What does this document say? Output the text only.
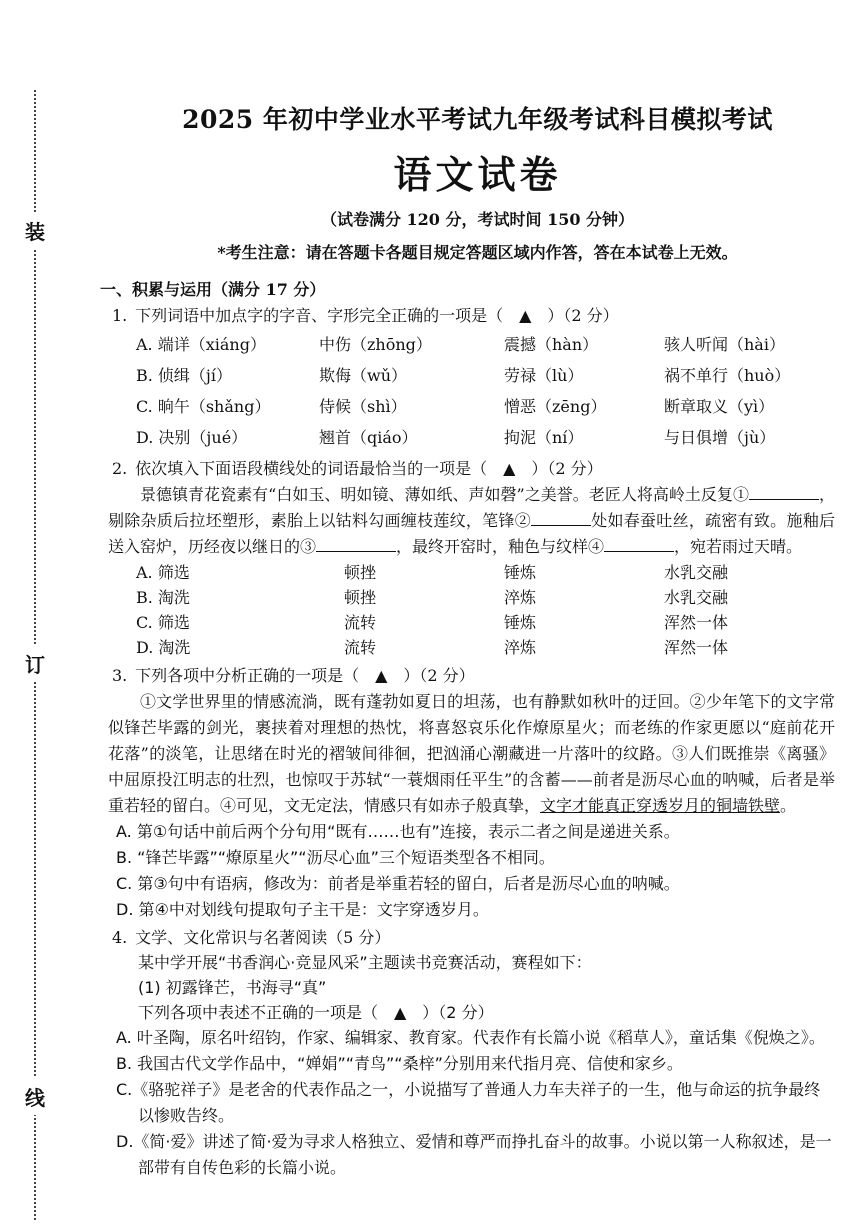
装
订
线
2025 年初中学业水平考试九年级考试科目模拟考试
语文试卷
（试卷满分 120 分，考试时间 150 分钟）
*考生注意：请在答题卡各题目规定答题区域内作答，答在本试卷上无效。
一、积累与运用（满分 17 分）
1. 下列词语中加点字的字音、字形完全正确的一项是（　▲　）（2 分）
A. 端详（xiáng）	中伤（zhōng）	震撼（hàn）	骇人听闻（hài）
B. 侦缉（jí）	欺侮（wǔ）	劳禄（lù）	祸不单行（huò）
C. 晌午（shǎng）	侍候（shì）	憎恶（zēng）	断章取义（yì）
D. 决别（jué）	翘首（qiáo）	拘泥（ní）	与日俱增（jù）
2. 依次填入下面语段横线处的词语最恰当的一项是（　▲　）（2 分）
景德镇青花瓷素有“白如玉、明如镜、薄如纸、声如磬”之美誉。老匠人将高岭土反复①	，剔除杂质后拉坯塑形，素胎上以钴料勾画缠枝莲纹，笔锋②	处如春蚕吐丝，疏密有致。施釉后送入窑炉，历经夜以继日的③	，最终开窑时，釉色与纹样④	，宛若雨过天晴。
A. 筛选	顿挫	锤炼	水乳交融
B. 淘洗	顿挫	淬炼	水乳交融
C. 筛选	流转	锤炼	浑然一体
D. 淘洗	流转	淬炼	浑然一体
3. 下列各项中分析正确的一项是（　▲　）（2 分）
①文学世界里的情感流淌，既有蓬勃如夏日的坦荡，也有静默如秋叶的迂回。②少年笔下的文字常似锋芒毕露的剑光，裹挟着对理想的热忱，将喜怒哀乐化作燎原星火；而老练的作家更愿以“庭前花开花落”的淡笔，让思绪在时光的褶皱间徘徊，把汹涌心潮藏进一片落叶的纹路。③人们既推崇《离骚》中屈原投江明志的壮烈，也惊叹于苏轼“一蓑烟雨任平生”的含蓄——前者是沥尽心血的呐喊，后者是举重若轻的留白。④可见，文无定法，情感只有如赤子般真挚，文字才能真正穿透岁月的铜墙铁壁。
A. 第①句话中前后两个分句用“既有……也有”连接，表示二者之间是递进关系。
B. “锋芒毕露”“燎原星火”“沥尽心血”三个短语类型各不相同。
C. 第③句中有语病，修改为：前者是举重若轻的留白，后者是沥尽心血的呐喊。
D. 第④中对划线句提取句子主干是：文字穿透岁月。
4. 文学、文化常识与名著阅读（5 分）
某中学开展“书香润心·竞显风采”主题读书竞赛活动，赛程如下：
(1) 初露锋芒，书海寻“真”
下列各项中表述不正确的一项是（　▲　）（2 分）
A. 叶圣陶，原名叶绍钧，作家、编辑家、教育家。代表作有长篇小说《稻草人》，童话集《倪焕之》。
B. 我国古代文学作品中，“婵娟”“青鸟”“桑梓”分别用来代指月亮、信使和家乡。
C.《骆驼祥子》是老舍的代表作品之一，小说描写了普通人力车夫祥子的一生，他与命运的抗争最终以惨败告终。
D.《简·爱》讲述了简·爱为寻求人格独立、爱情和尊严而挣扎奋斗的故事。小说以第一人称叙述，是一部带有自传色彩的长篇小说。
